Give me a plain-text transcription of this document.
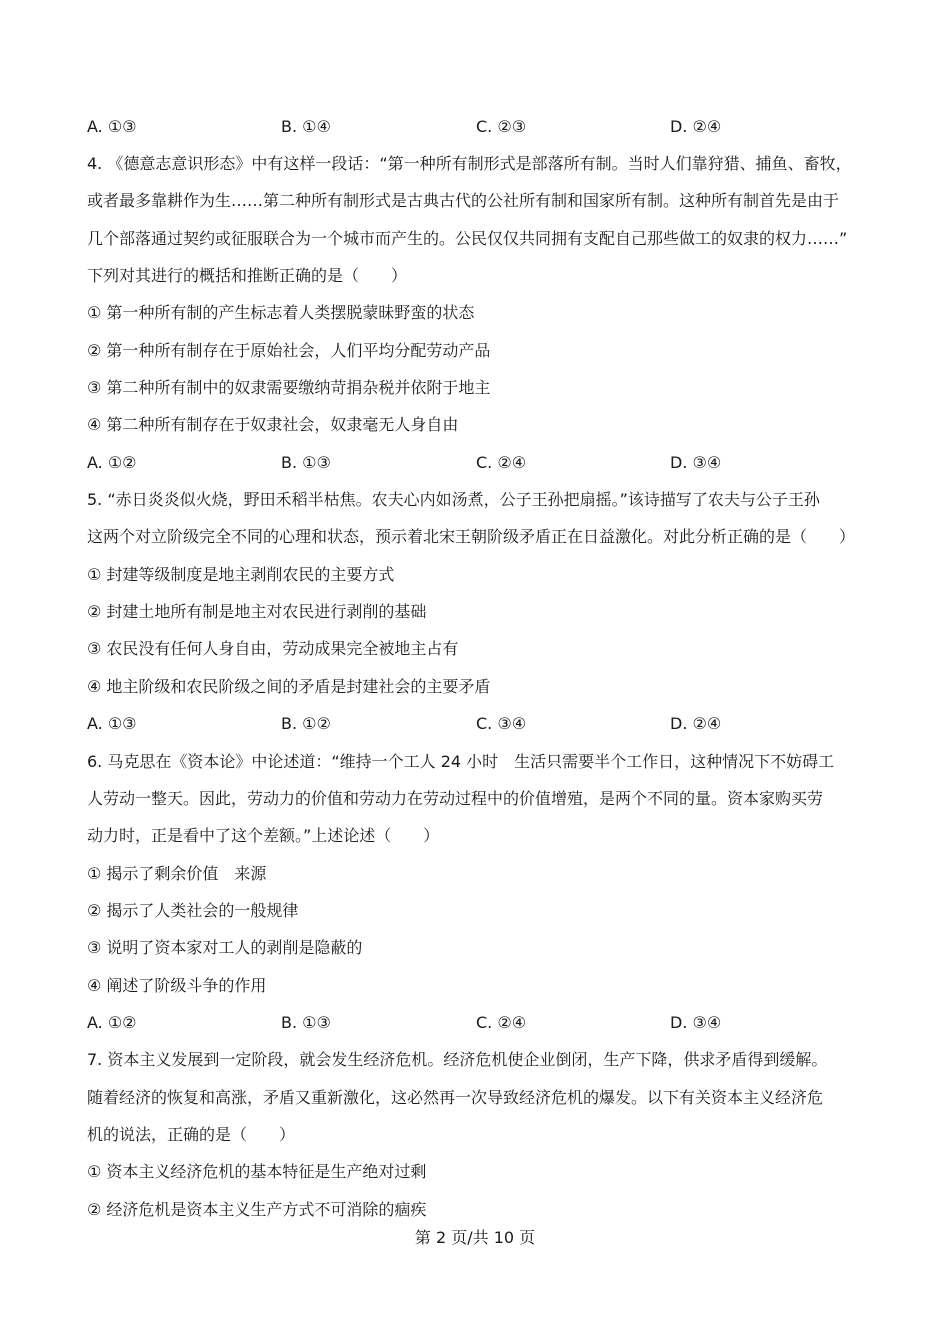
A. ①③	B. ①④	C. ②③	D. ②④
4. 《德意志意识形态》中有这样一段话：“第一种所有制形式是部落所有制。当时人们靠狩猎、捕鱼、畜牧，
或者最多靠耕作为生……第二种所有制形式是古典古代的公社所有制和国家所有制。这种所有制首先是由于
几个部落通过契约或征服联合为一个城市而产生的。公民仅仅共同拥有支配自己那些做工的奴隶的权力……”
下列对其进行的概括和推断正确的是（　　）
① 第一种所有制的产生标志着人类摆脱蒙昧野蛮的状态
② 第一种所有制存在于原始社会，人们平均分配劳动产品
③ 第二种所有制中的奴隶需要缴纳苛捐杂税并依附于地主
④ 第二种所有制存在于奴隶社会，奴隶毫无人身自由
A. ①②	B. ①③	C. ②④	D. ③④
5. “赤日炎炎似火烧，野田禾稻半枯焦。农夫心内如汤煮，公子王孙把扇摇。”该诗描写了农夫与公子王孙
这两个对立阶级完全不同的心理和状态，预示着北宋王朝阶级矛盾正在日益激化。对此分析正确的是（　　）
① 封建等级制度是地主剥削农民的主要方式
② 封建土地所有制是地主对农民进行剥削的基础
③ 农民没有任何人身自由，劳动成果完全被地主占有
④ 地主阶级和农民阶级之间的矛盾是封建社会的主要矛盾
A. ①③	B. ①②	C. ③④	D. ②④
6. 马克思在《资本论》中论述道：“维持一个工人 24 小时　生活只需要半个工作日，这种情况下不妨碍工
人劳动一整天。因此，劳动力的价值和劳动力在劳动过程中的价值增殖，是两个不同的量。资本家购买劳
动力时，正是看中了这个差额。”上述论述（　　）
① 揭示了剩余价值　来源
② 揭示了人类社会的一般规律
③ 说明了资本家对工人的剥削是隐蔽的
④ 阐述了阶级斗争的作用
A. ①②	B. ①③	C. ②④	D. ③④
7. 资本主义发展到一定阶段，就会发生经济危机。经济危机使企业倒闭，生产下降，供求矛盾得到缓解。
随着经济的恢复和高涨，矛盾又重新激化，这必然再一次导致经济危机的爆发。以下有关资本主义经济危
机的说法，正确的是（　　）
① 资本主义经济危机的基本特征是生产绝对过剩
② 经济危机是资本主义生产方式不可消除的痼疾
第 2 页/共 10 页
